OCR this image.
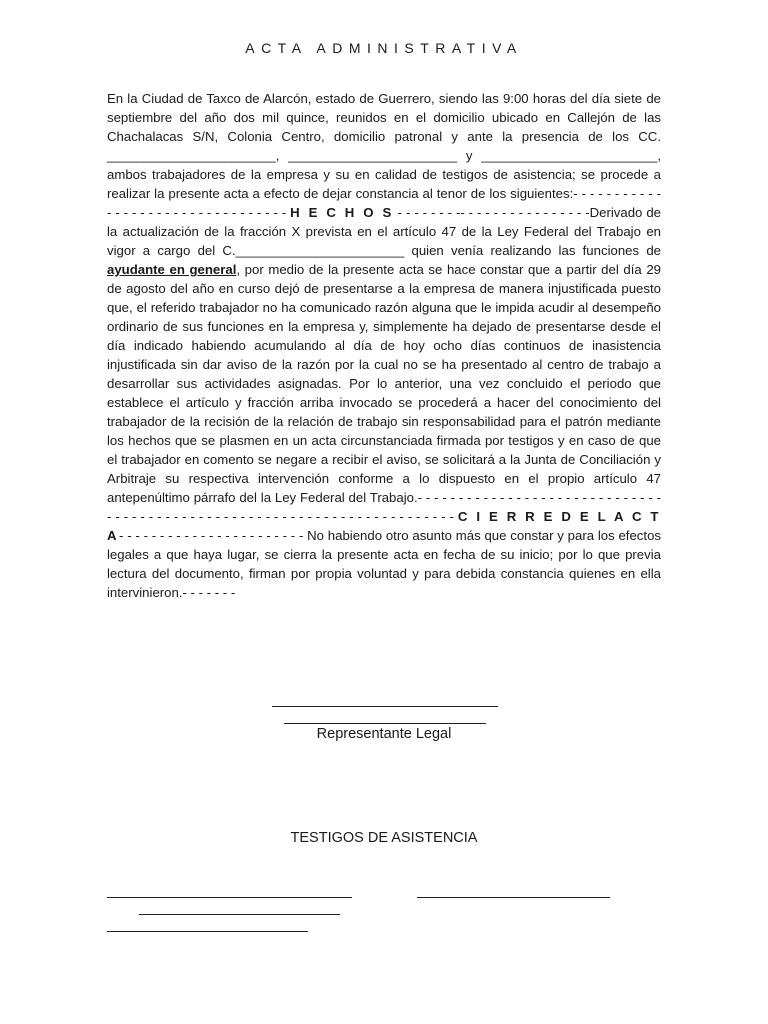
ACTA ADMINISTRATIVA

En la Ciudad de Taxco de Alarcón, estado de Guerrero, siendo las 9:00 horas del día siete de septiembre del año dos mil quince, reunidos en el domicilio ubicado en Callejón de las Chachalacas S/N, Colonia Centro, domicilio patronal y ante la presencia de los CC. _______________________, _______________________ y ________________________, ambos trabajadores de la empresa y su en calidad de testigos de asistencia; se procede a realizar la presente acta a efecto de dejar constancia al tenor de los siguientes:- - - - - - - - - - - - - - - - - - - - - - - - - - - - - - - - - H E C H O S - - - - - - - -- - - - - - - - - - - - - - - -Derivado de la actualización de la fracción X prevista en el artículo 47 de la Ley Federal del Trabajo en vigor a cargo del C._______________________ quien venía realizando las funciones de ayudante en general, por medio de la presente acta se hace constar que a partir del día 29 de agosto del año en curso dejó de presentarse a la empresa de manera injustificada puesto que, el referido trabajador no ha comunicado razón alguna que le impida acudir al desempeño ordinario de sus funciones en la empresa y, simplemente ha dejado de presentarse desde el día indicado habiendo acumulando al día de hoy ocho días continuos de inasistencia injustificada sin dar aviso de la razón por la cual no se ha presentado al centro de trabajo a desarrollar sus actividades asignadas. Por lo anterior, una vez concluido el periodo que establece el artículo y fracción arriba invocado se procederá a hacer del conocimiento del trabajador de la recisión de la relación de trabajo sin responsabilidad para el patrón mediante los hechos que se plasmen en un acta circunstanciada firmada por testigos y en caso de que el trabajador en comento se negare a recibir el aviso, se solicitará a la Junta de Conciliación y Arbitraje su respectiva intervención conforme a lo dispuesto en el propio artículo 47 antepenúltimo párrafo del la Ley Federal del Trabajo.- - - - - - - - - - - - - - - - - - - - - - - - - - - - - - - - - - - - - - - - - - - - - - - - - - - - - - - - - - - - - - - - - - - - - - - - C I E R R E D E L A C T A- - - - - - - - - - - - - - - - - - - - - - - No habiendo otro asunto más que constar y para los efectos legales a que haya lugar, se cierra la presente acta en fecha de su inicio; por lo que previa lectura del documento, firman por propia voluntad y para debida constancia quienes en ella intervinieron.- - - - - - -

Representante Legal

TESTIGOS DE ASISTENCIA
